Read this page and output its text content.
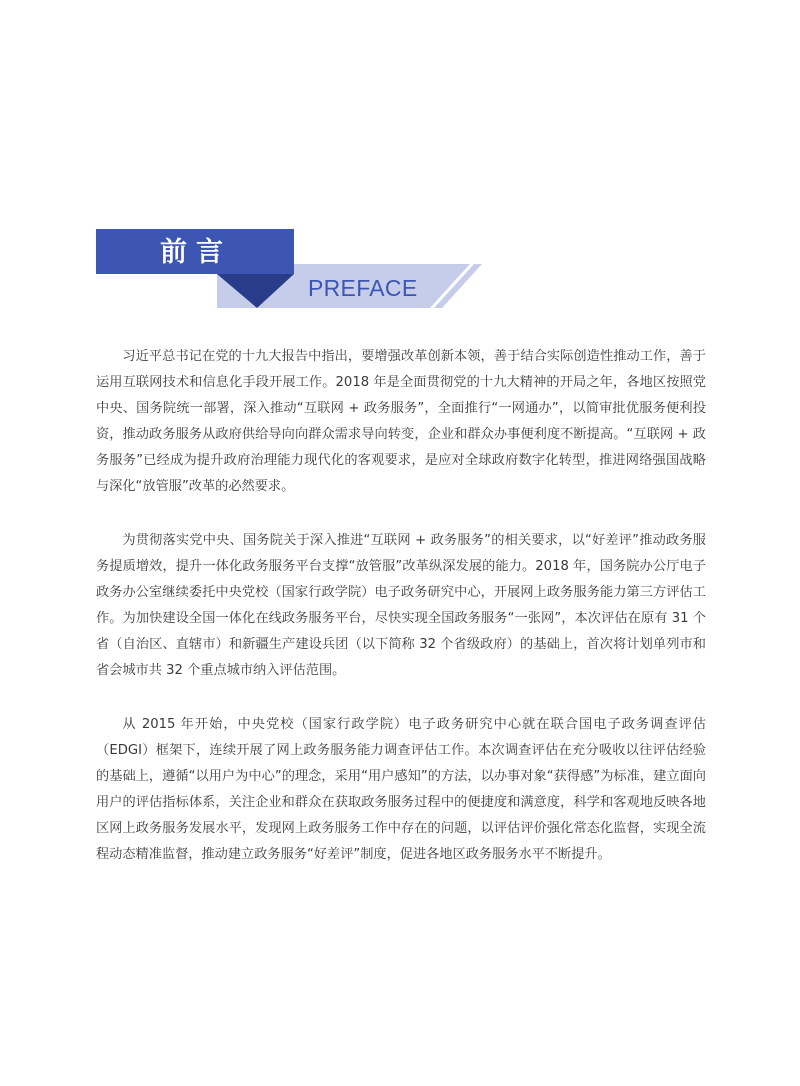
前言
PREFACE

习近平总书记在党的十九大报告中指出，要增强改革创新本领，善于结合实际创造性推动工作，善于运用互联网技术和信息化手段开展工作。2018 年是全面贯彻党的十九大精神的开局之年，各地区按照党中央、国务院统一部署，深入推动“互联网 + 政务服务”，全面推行“一网通办”，以简审批优服务便利投资，推动政务服务从政府供给导向向群众需求导向转变，企业和群众办事便利度不断提高。“互联网 + 政务服务”已经成为提升政府治理能力现代化的客观要求，是应对全球政府数字化转型，推进网络强国战略与深化“放管服”改革的必然要求。

为贯彻落实党中央、国务院关于深入推进“互联网 + 政务服务”的相关要求，以“好差评”推动政务服务提质增效，提升一体化政务服务平台支撑“放管服”改革纵深发展的能力。2018 年，国务院办公厅电子政务办公室继续委托中央党校（国家行政学院）电子政务研究中心，开展网上政务服务能力第三方评估工作。为加快建设全国一体化在线政务服务平台，尽快实现全国政务服务“一张网”，本次评估在原有 31 个省（自治区、直辖市）和新疆生产建设兵团（以下简称 32 个省级政府）的基础上，首次将计划单列市和省会城市共 32 个重点城市纳入评估范围。

从 2015 年开始，中央党校（国家行政学院）电子政务研究中心就在联合国电子政务调查评估（EDGI）框架下，连续开展了网上政务服务能力调查评估工作。本次调查评估在充分吸收以往评估经验的基础上，遵循“以用户为中心”的理念，采用“用户感知”的方法，以办事对象“获得感”为标准，建立面向用户的评估指标体系，关注企业和群众在获取政务服务过程中的便捷度和满意度，科学和客观地反映各地区网上政务服务发展水平，发现网上政务服务工作中存在的问题，以评估评价强化常态化监督，实现全流程动态精准监督，推动建立政务服务“好差评”制度，促进各地区政务服务水平不断提升。
